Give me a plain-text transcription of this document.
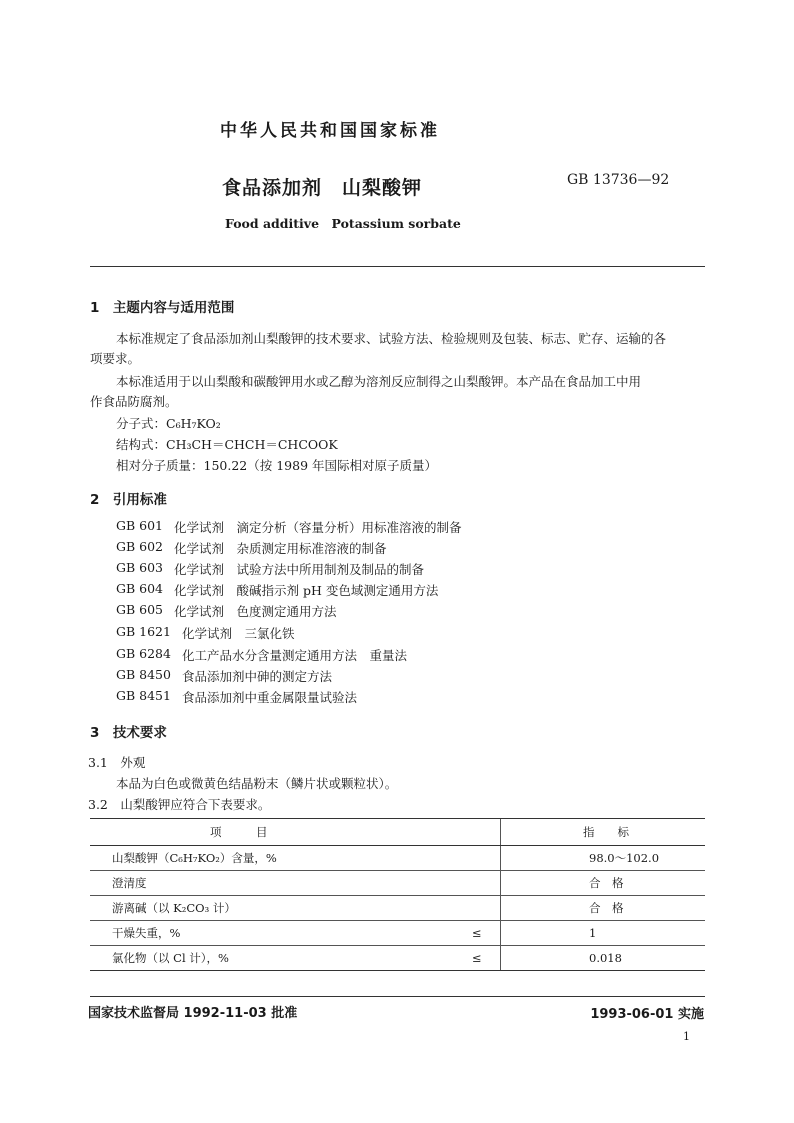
中华人民共和国国家标准
食品添加剂　山梨酸钾	GB 13736—92
Food additive　Potassium sorbate
1　主题内容与适用范围
本标准规定了食品添加剂山梨酸钾的技术要求、试验方法、检验规则及包装、标志、贮存、运输的各
项要求。
本标准适用于以山梨酸和碳酸钾用水或乙醇为溶剂反应制得之山梨酸钾。本产品在食品加工中用
作食品防腐剂。
分子式：C₆H₇KO₂
结构式：CH₃CH＝CHCH＝CHCOOK
相对分子质量：150.22（按 1989 年国际相对原子质量）
2　引用标准
GB 601 化学试剂　滴定分析（容量分析）用标准溶液的制备
GB 602 化学试剂　杂质测定用标准溶液的制备
GB 603 化学试剂　试验方法中所用制剂及制品的制备
GB 604 化学试剂　酸碱指示剂 pH 变色域测定通用方法
GB 605 化学试剂　色度测定通用方法
GB 1621 化学试剂　三氯化铁
GB 6284 化工产品水分含量测定通用方法　重量法
GB 8450 食品添加剂中砷的测定方法
GB 8451 食品添加剂中重金属限量试验法
3　技术要求
3.1　外观
本品为白色或微黄色结晶粉末（鳞片状或颗粒状）。
3.2　山梨酸钾应符合下表要求。
项　　　目		指　　标
山梨酸钾（C₆H₇KO₂）含量，%		98.0～102.0
澄清度		合　格
游离碱（以 K₂CO₃ 计）		合　格
干燥失重，%	≤	1
氯化物（以 Cl 计），%	≤	0.018
国家技术监督局 1992-11-03 批准	1993-06-01 实施
1
